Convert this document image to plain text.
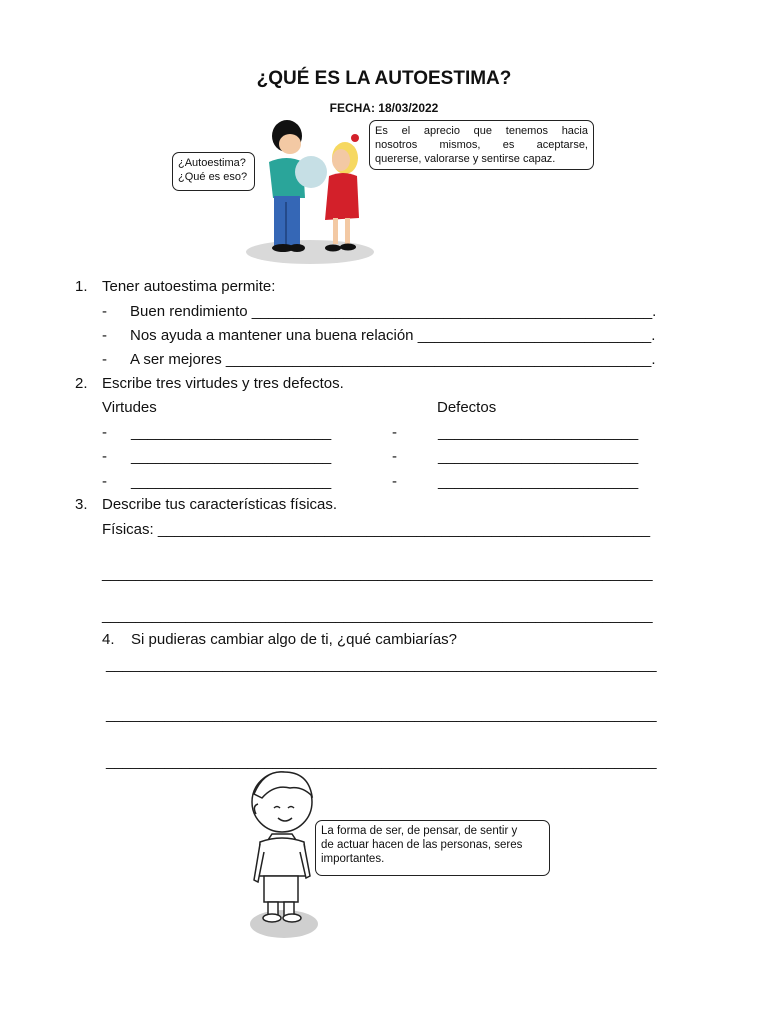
¿QUÉ ES LA AUTOESTIMA?
FECHA: 18/03/2022
¿Autoestima?
¿Qué es eso?
Es el aprecio que tenemos hacia
nosotros mismos, es aceptarse,
quererse, valorarse y sentirse capaz.
1. Tener autoestima permite:
- Buen rendimiento ________________________________________________.
- Nos ayuda a mantener una buena relación ____________________________.
- A ser mejores ___________________________________________________.
2. Escribe tres virtudes y tres defectos.
Virtudes	Defectos
- ________________________	-	________________________
- ________________________	-	________________________
- ________________________	-	________________________
3. Describe tus características físicas.
Físicas: ___________________________________________________________
__________________________________________________________________
__________________________________________________________________
4. Si pudieras cambiar algo de ti, ¿qué cambiarías?
__________________________________________________________________
__________________________________________________________________
__________________________________________________________________
La forma de ser, de pensar, de sentir y
de actuar hacen de las personas, seres
importantes.
